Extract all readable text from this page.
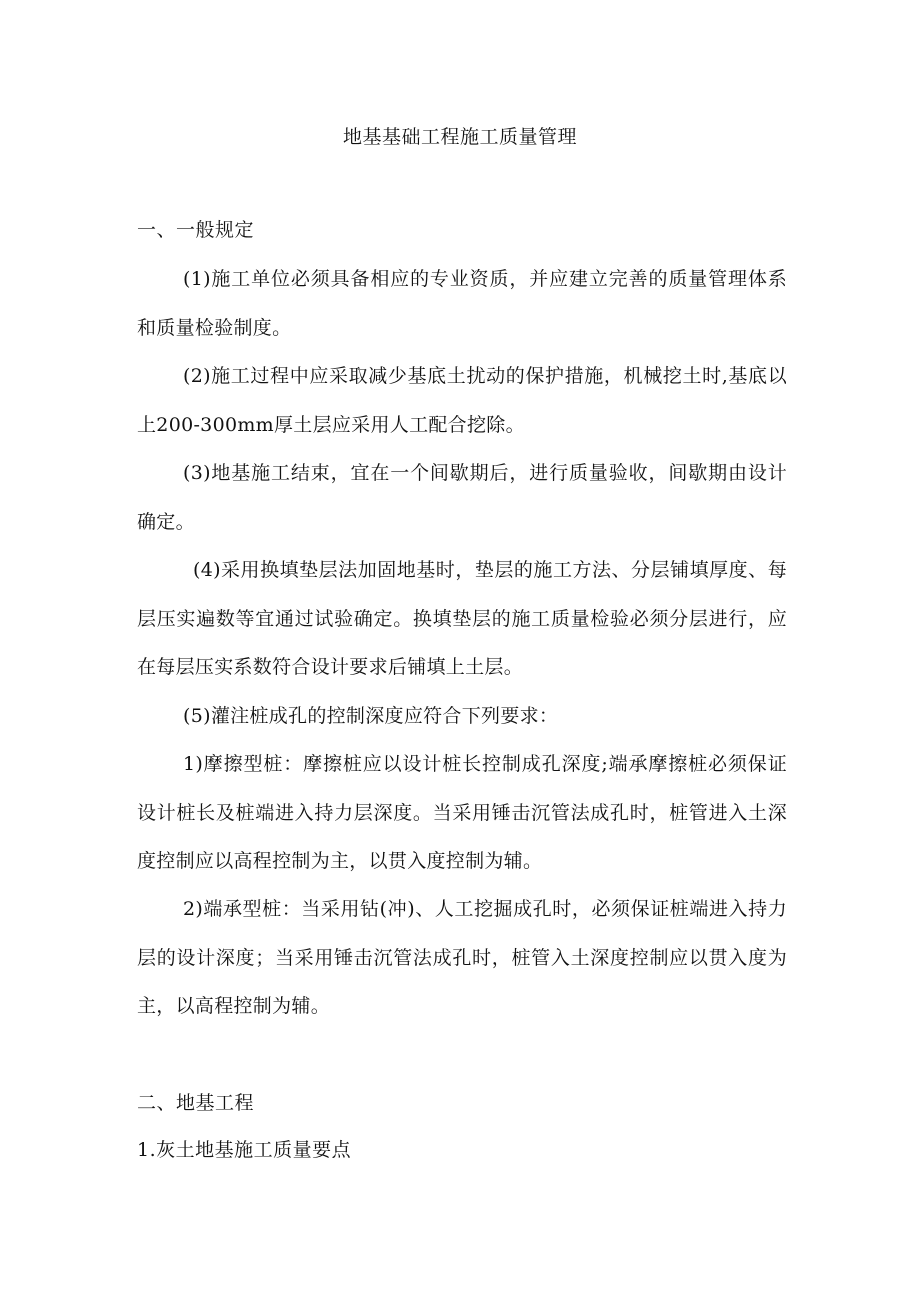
地基基础工程施工质量管理
一、一般规定
(1)施工单位必须具备相应的专业资质，并应建立完善的质量管理体系和质量检验制度。
(2)施工过程中应采取减少基底土扰动的保护措施，机械挖土时,基底以上200-300mm厚土层应采用人工配合挖除。
(3)地基施工结束，宜在一个间歇期后，进行质量验收，间歇期由设计确定。
(4)采用换填垫层法加固地基时，垫层的施工方法、分层铺填厚度、每层压实遍数等宜通过试验确定。换填垫层的施工质量检验必须分层进行，应在每层压实系数符合设计要求后铺填上土层。
(5)灌注桩成孔的控制深度应符合下列要求：
1)摩擦型桩：摩擦桩应以设计桩长控制成孔深度;端承摩擦桩必须保证设计桩长及桩端进入持力层深度。当采用锤击沉管法成孔时，桩管进入土深度控制应以高程控制为主，以贯入度控制为辅。
2)端承型桩：当采用钻(冲)、人工挖掘成孔时，必须保证桩端进入持力层的设计深度；当采用锤击沉管法成孔时，桩管入土深度控制应以贯入度为主，以高程控制为辅。
二、地基工程
1.灰土地基施工质量要点
